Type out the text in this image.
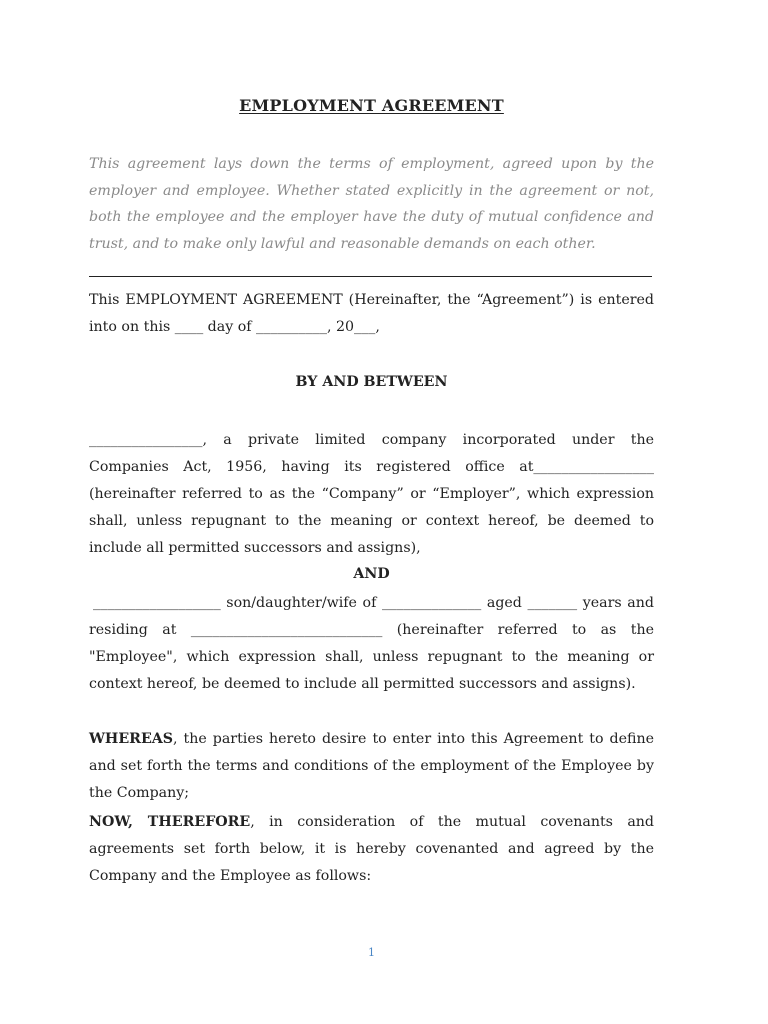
EMPLOYMENT AGREEMENT
This agreement lays down the terms of employment, agreed upon by the employer and employee. Whether stated explicitly in the agreement or not, both the employee and the employer have the duty of mutual confidence and trust, and to make only lawful and reasonable demands on each other.
This EMPLOYMENT AGREEMENT (Hereinafter, the “Agreement”) is entered into on this ____ day of __________, 20___,
BY AND BETWEEN
________________, a private limited company incorporated under the Companies Act, 1956, having its registered office at_________________ (hereinafter referred to as the “Company” or “Employer”, which expression shall, unless repugnant to the meaning or context hereof, be deemed to include all permitted successors and assigns),
AND
__________________ son/daughter/wife of ______________ aged _______ years and residing at ___________________________ (hereinafter referred to as the "Employee", which expression shall, unless repugnant to the meaning or context hereof, be deemed to include all permitted successors and assigns).
WHEREAS, the parties hereto desire to enter into this Agreement to define and set forth the terms and conditions of the employment of the Employee by the Company;
NOW, THEREFORE, in consideration of the mutual covenants and agreements set forth below, it is hereby covenanted and agreed by the Company and the Employee as follows:
1
